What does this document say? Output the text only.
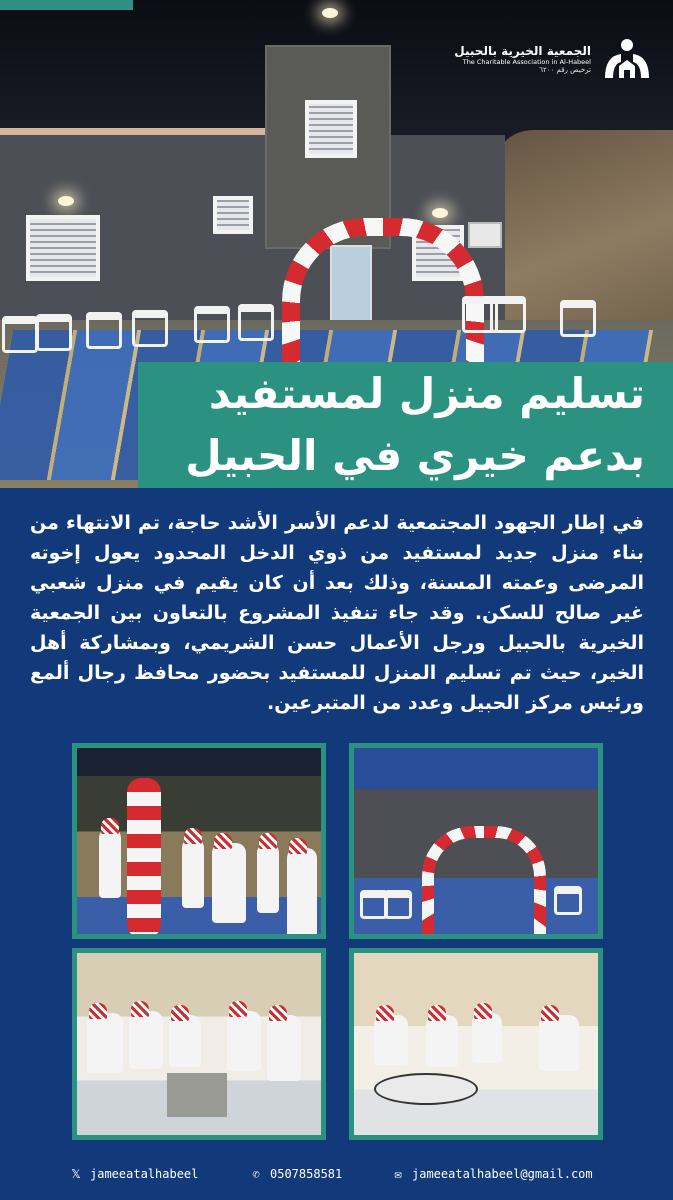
الجمعية الخيرية بالحبيل
The Charitable Association in Al-Habeel
ترخيص رقم ٦٢٠٠
تسليم منزل لمستفيد
بدعم خيري في الحبيل
في إطار الجهود المجتمعية لدعم الأسر الأشد حاجة، تم الانتهاء من بناء منزل جديد لمستفيد من ذوي الدخل المحدود يعول إخوته المرضى وعمته المسنة، وذلك بعد أن كان يقيم في منزل شعبي غير صالح للسكن. وقد جاء تنفيذ المشروع بالتعاون بين الجمعية الخيرية بالحبيل ورجل الأعمال حسن الشريمي، وبمشاركة أهل الخير، حيث تم تسليم المنزل للمستفيد بحضور محافظ رجال ألمع ورئيس مركز الحبيل وعدد من المتبرعين.
𝕏 jameeatalhabeel	✆ 0507858581	✉ jameeatalhabeel@gmail.com
